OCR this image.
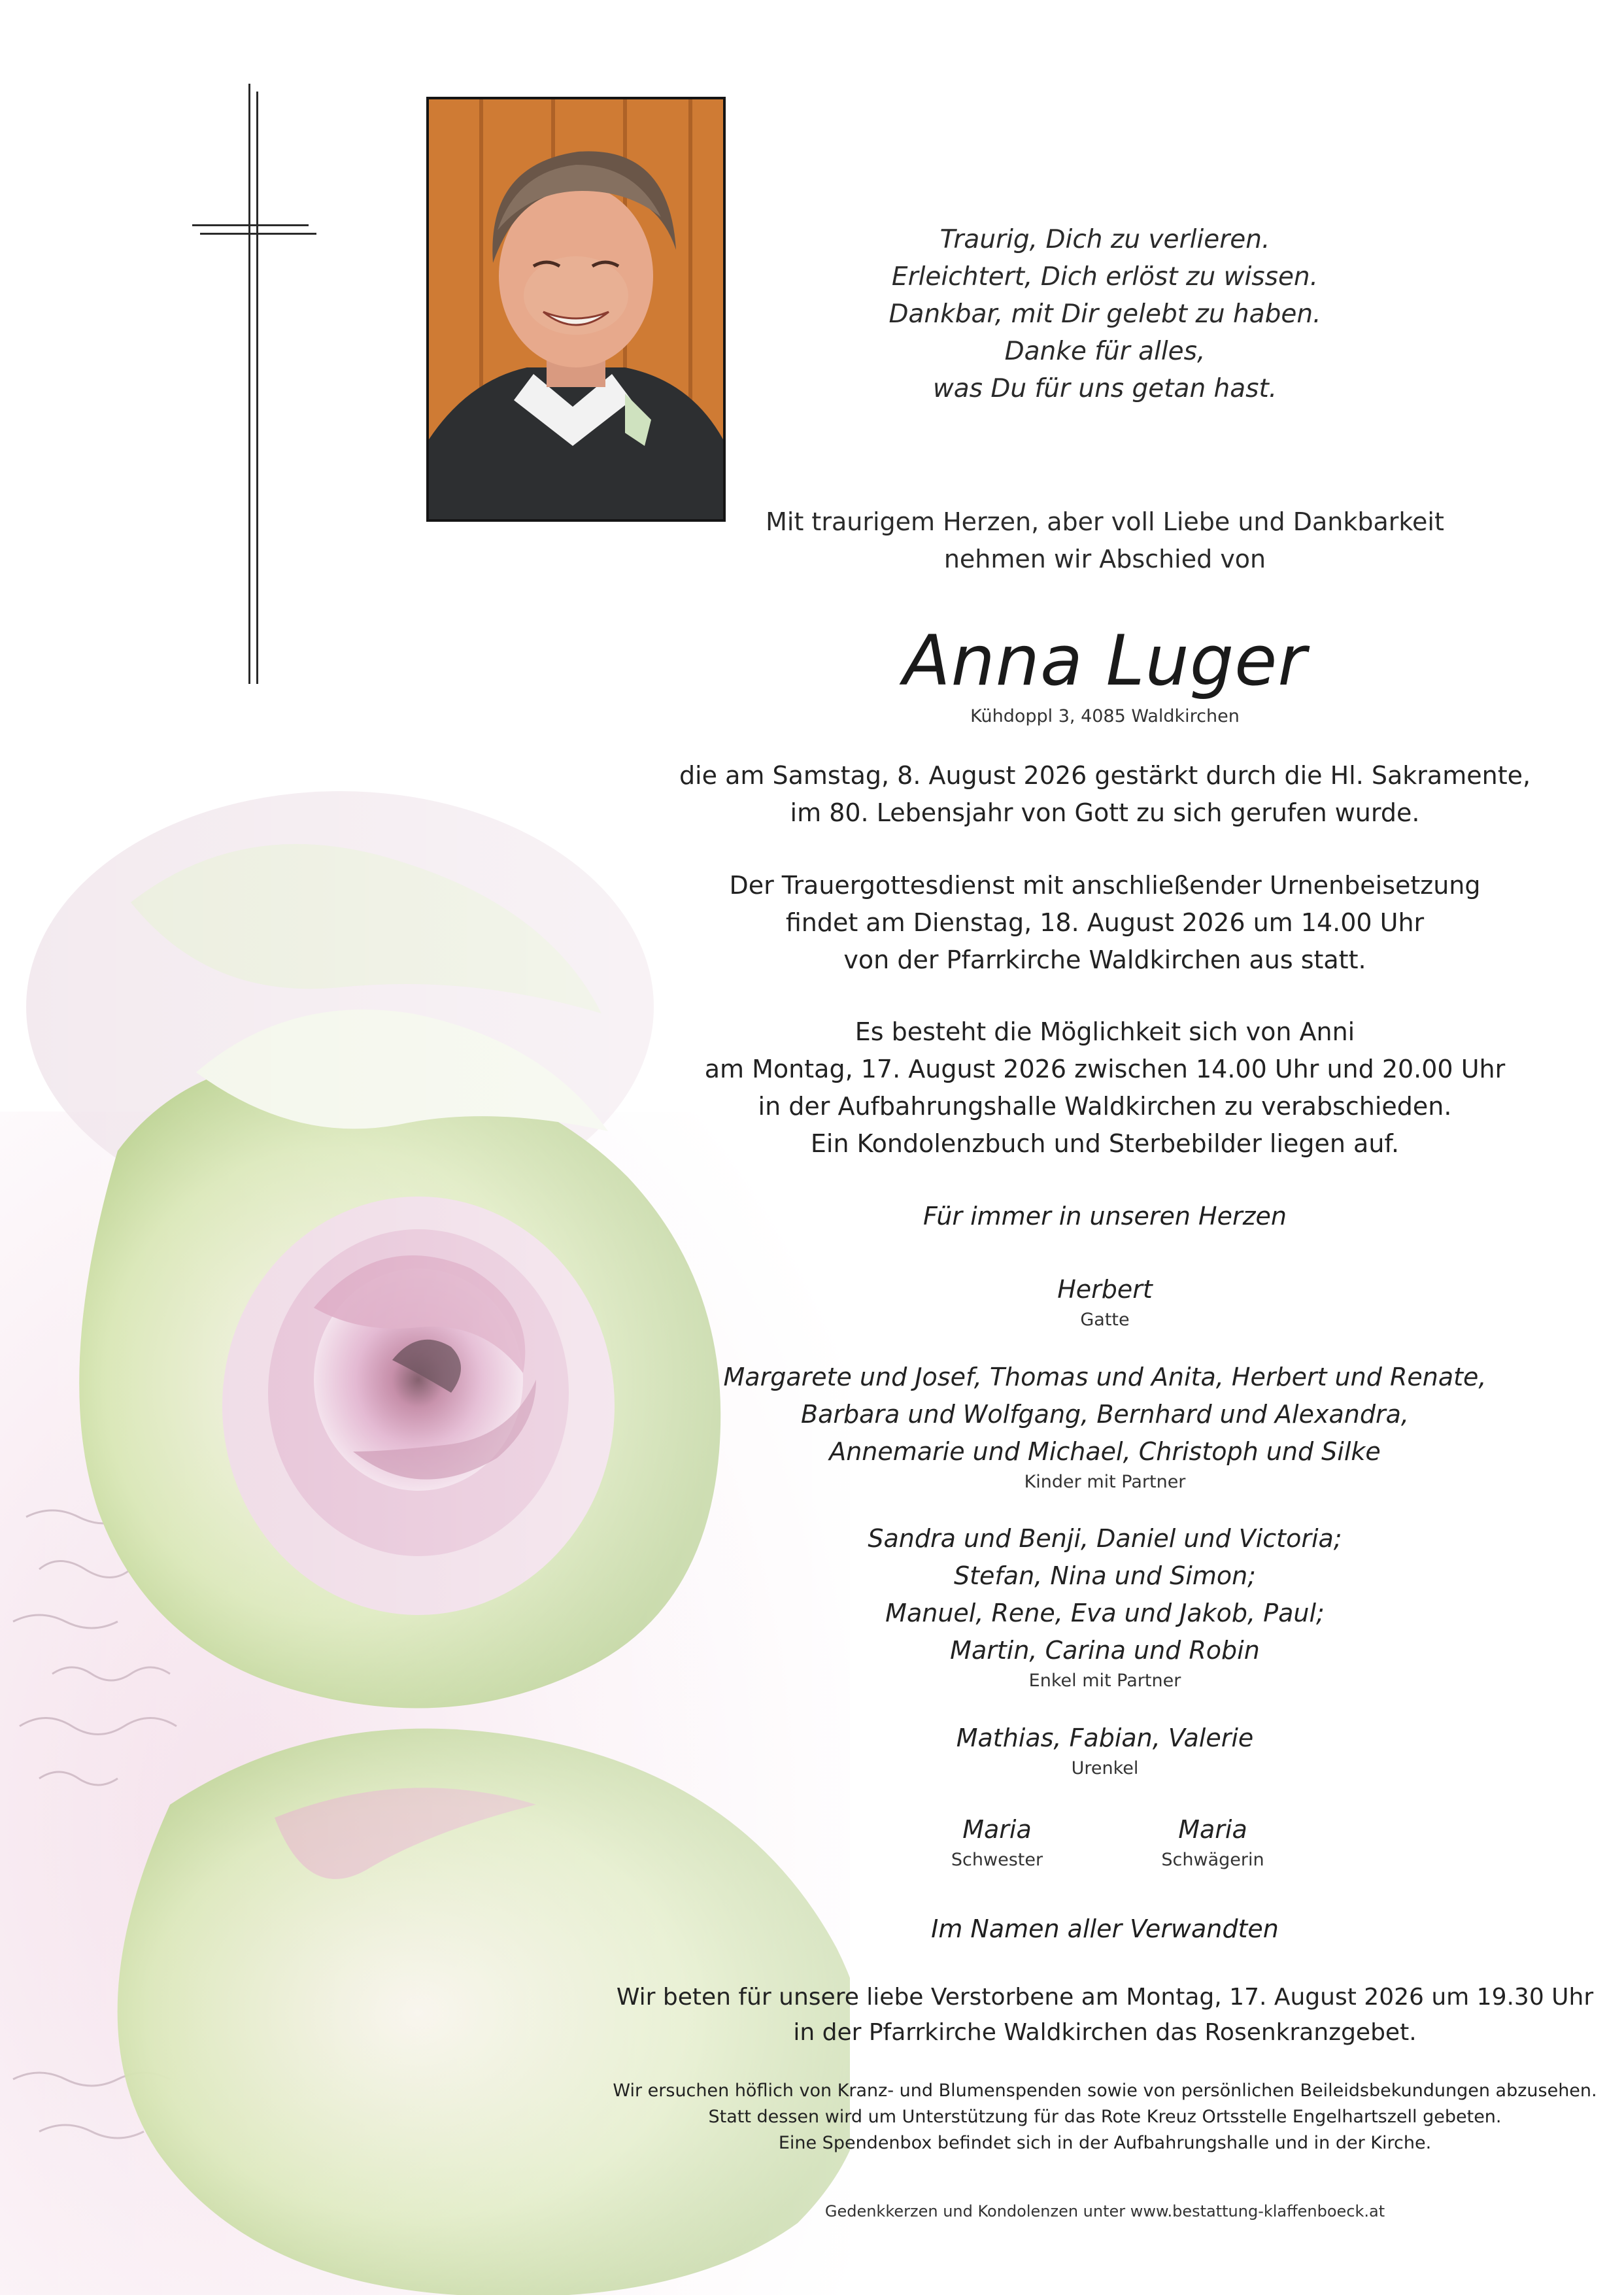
Traurig, Dich zu verlieren.
Erleichtert, Dich erlöst zu wissen.
Dankbar, mit Dir gelebt zu haben.
Danke für alles,
was Du für uns getan hast.
Mit traurigem Herzen, aber voll Liebe und Dankbarkeit
nehmen wir Abschied von
Anna Luger
Kühdoppl 3, 4085 Waldkirchen
die am Samstag, 8. August 2026 gestärkt durch die Hl. Sakramente,
im 80. Lebensjahr von Gott zu sich gerufen wurde.
Der Trauergottesdienst mit anschließender Urnenbeisetzung
findet am Dienstag, 18. August 2026 um 14.00 Uhr
von der Pfarrkirche Waldkirchen aus statt.
Es besteht die Möglichkeit sich von Anni
am Montag, 17. August 2026 zwischen 14.00 Uhr und 20.00 Uhr
in der Aufbahrungshalle Waldkirchen zu verabschieden.
Ein Kondolenzbuch und Sterbebilder liegen auf.
Für immer in unseren Herzen
Herbert
Gatte
Margarete und Josef, Thomas und Anita, Herbert und Renate,
Barbara und Wolfgang, Bernhard und Alexandra,
Annemarie und Michael, Christoph und Silke
Kinder mit Partner
Sandra und Benji, Daniel und Victoria;
Stefan, Nina und Simon;
Manuel, Rene, Eva und Jakob, Paul;
Martin, Carina und Robin
Enkel mit Partner
Mathias, Fabian, Valerie
Urenkel
Maria
Schwester
Maria
Schwägerin
Im Namen aller Verwandten
Wir beten für unsere liebe Verstorbene am Montag, 17. August 2026 um 19.30 Uhr
in der Pfarrkirche Waldkirchen das Rosenkranzgebet.
Wir ersuchen höflich von Kranz- und Blumenspenden sowie von persönlichen Beileidsbekundungen abzusehen.
Statt dessen wird um Unterstützung für das Rote Kreuz Ortsstelle Engelhartszell gebeten.
Eine Spendenbox befindet sich in der Aufbahrungshalle und in der Kirche.
Gedenkkerzen und Kondolenzen unter www.bestattung-klaffenboeck.at
